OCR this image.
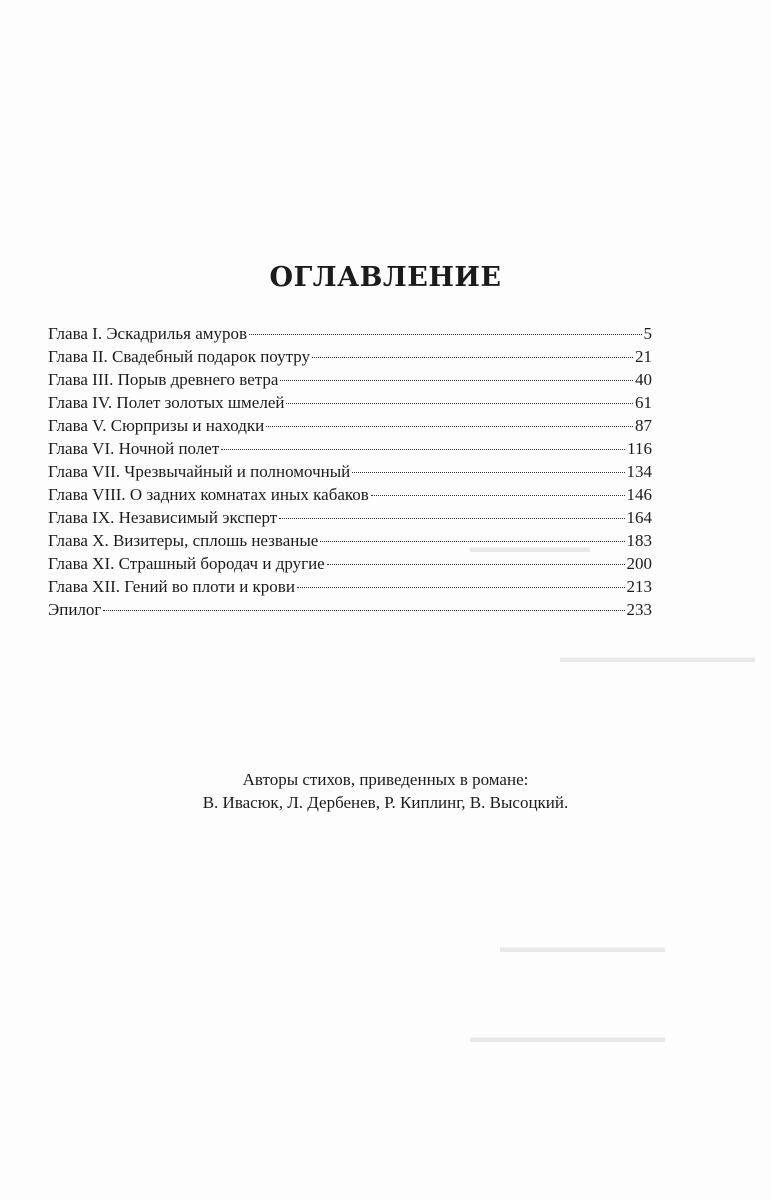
▬▬▬▬▬▬▬▬
▬▬▬▬▬▬▬▬▬▬▬▬▬
▬▬▬▬▬▬▬▬▬▬▬
▬▬▬▬▬▬▬▬▬▬▬▬▬
ОГЛАВЛЕНИЕ
Глава I. Эскадрилья амуров	5
Глава II. Свадебный подарок поутру	21
Глава III. Порыв древнего ветра	40
Глава IV. Полет золотых шмелей	61
Глава V. Сюрпризы и находки	87
Глава VI. Ночной полет	116
Глава VII. Чрезвычайный и полномочный	134
Глава VIII. О задних комнатах иных кабаков	146
Глава IX. Независимый эксперт	164
Глава X. Визитеры, сплошь незваные	183
Глава XI. Страшный бородач и другие	200
Глава XII. Гений во плоти и крови	213
Эпилог	233
Авторы стихов, приведенных в романе:
В. Ивасюк, Л. Дербенев, Р. Киплинг, В. Высоцкий.
